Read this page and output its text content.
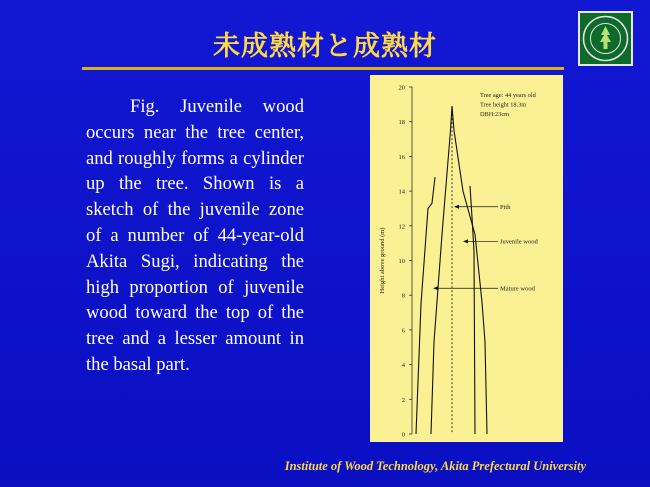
未成熟材と成熟材
Fig. Juvenile wood occurs near the tree center, and roughly forms a cylinder up the tree. Shown is a sketch of the juvenile zone of a number of 44-year-old Akita Sugi, indicating the high proportion of juvenile wood toward the top of the tree and a lesser amount in the basal part.
0
2
4
6
8
10
12
14
16
18
20
Height above ground (m)
Tree age: 44 years old
Tree height 18.3m
DBH:23cm
Pith
Juvenile wood
Mature wood
Institute of Wood Technology, Akita Prefectural University
